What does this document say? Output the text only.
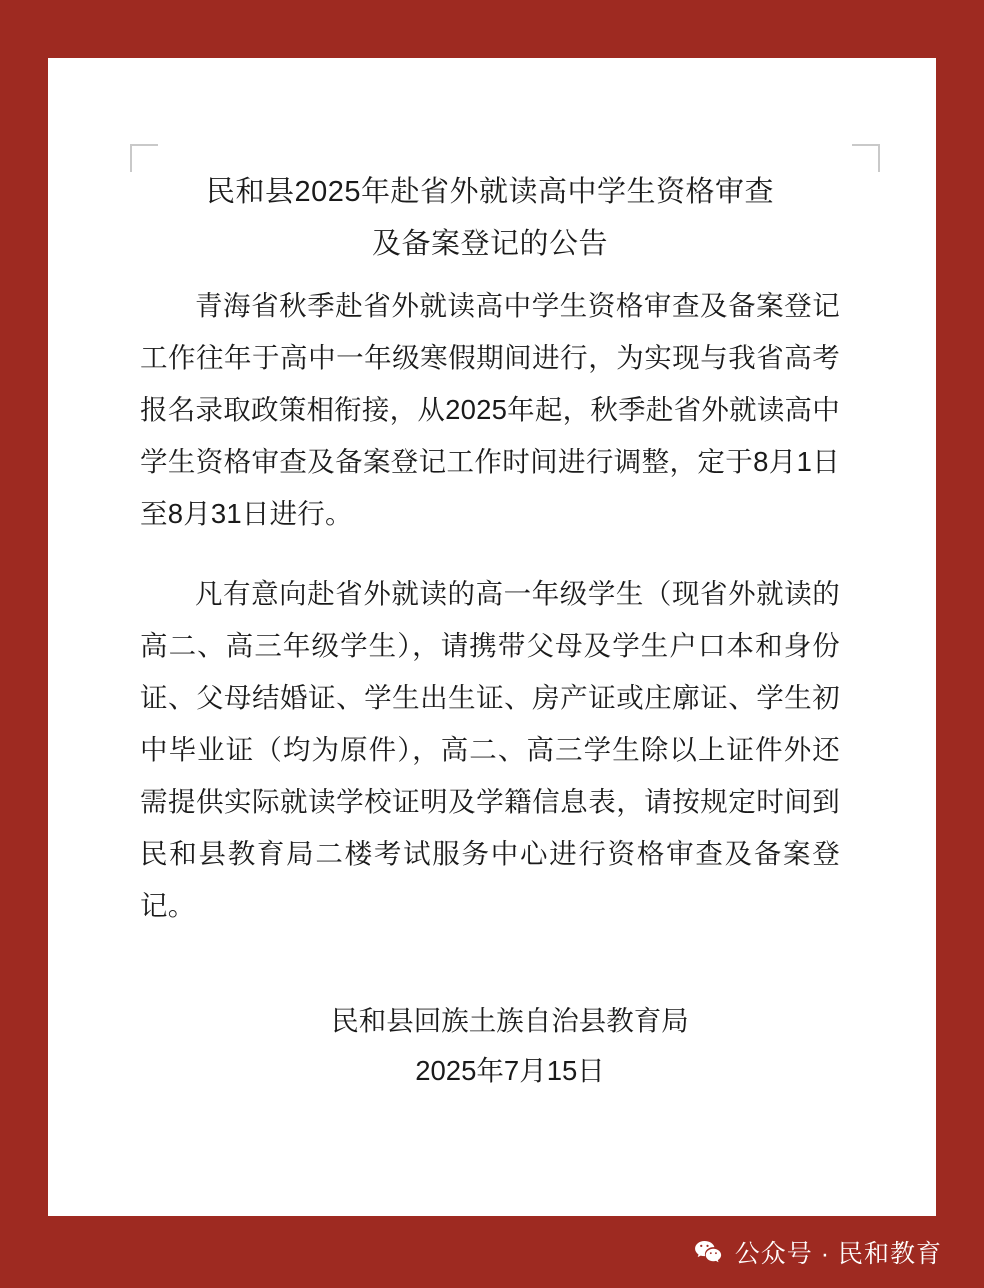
民和县2025年赴省外就读高中学生资格审查
及备案登记的公告

青海省秋季赴省外就读高中学生资格审查及备案登记工作往年于高中一年级寒假期间进行，为实现与我省高考报名录取政策相衔接，从2025年起，秋季赴省外就读高中学生资格审查及备案登记工作时间进行调整，定于8月1日至8月31日进行。

凡有意向赴省外就读的高一年级学生（现省外就读的高二、高三年级学生），请携带父母及学生户口本和身份证、父母结婚证、学生出生证、房产证或庄廓证、学生初中毕业证（均为原件），高二、高三学生除以上证件外还需提供实际就读学校证明及学籍信息表，请按规定时间到民和县教育局二楼考试服务中心进行资格审查及备案登记。

民和县回族土族自治县教育局
2025年7月15日
公众号 · 民和教育
